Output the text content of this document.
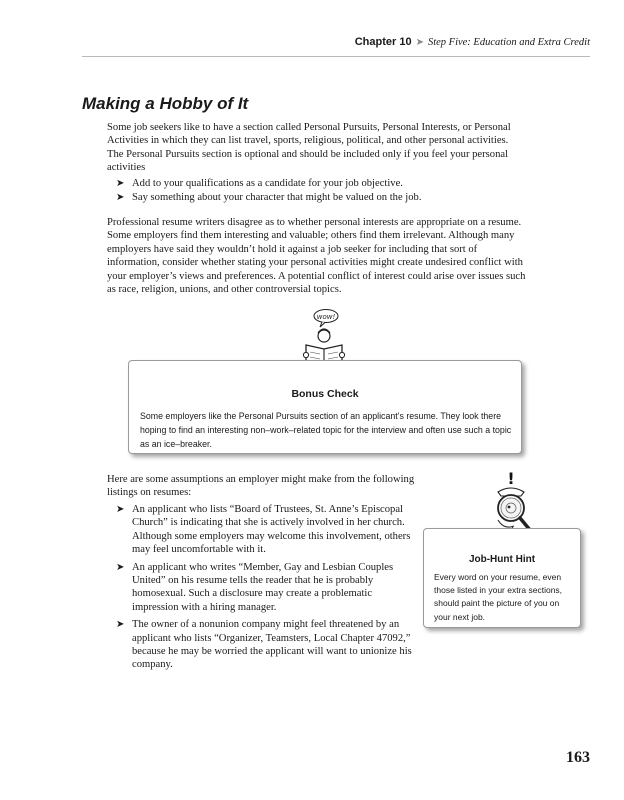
Chapter 10 ➤ Step Five: Education and Extra Credit
Making a Hobby of It

Some job seekers like to have a section called Personal Pursuits, Personal Interests, or Personal Activities in which they can list travel, sports, religious, political, and other personal activities. The Personal Pursuits section is optional and should be included only if you feel your personal activities

➤ Add to your qualifications as a candidate for your job objective.
➤ Say something about your character that might be valued on the job.

Professional resume writers disagree as to whether personal interests are appropriate on a resume. Some employers find them interesting and valuable; others find them irrelevant. Although many employers have said they wouldn’t hold it against a job seeker for including that sort of information, consider whether stating your personal activities might create undesired conflict with your employer’s views and preferences. A potential conflict of interest could arise over issues such as race, religion, unions, and other controversial topics.

wow!
Bonus Check

Some employers like the Personal Pursuits section of an applicant’s resume. They look there hoping to find an interesting non–work–related topic for the interview and often use such a topic as an ice–breaker.

Here are some assumptions an employer might make from the following listings on resumes:

➤ An applicant who lists “Board of Trustees, St. Anne’s Episcopal Church” is indicating that she is actively involved in her church. Although some employers may welcome this involvement, others may feel uncomfortable with it.
➤ An applicant who writes “Member, Gay and Lesbian Couples United” on his resume tells the reader that he is probably homosexual. Such a disclosure may create a problematic impression with a hiring manager.
➤ The owner of a nonunion company might feel threatened by an applicant who lists “Organizer, Teamsters, Local Chapter 47092,” because he may be worried the applicant will want to unionize his company.
!
Job-Hunt Hint

Every word on your resume, even those listed in your extra sections, should paint the picture of you on your next job.

163
